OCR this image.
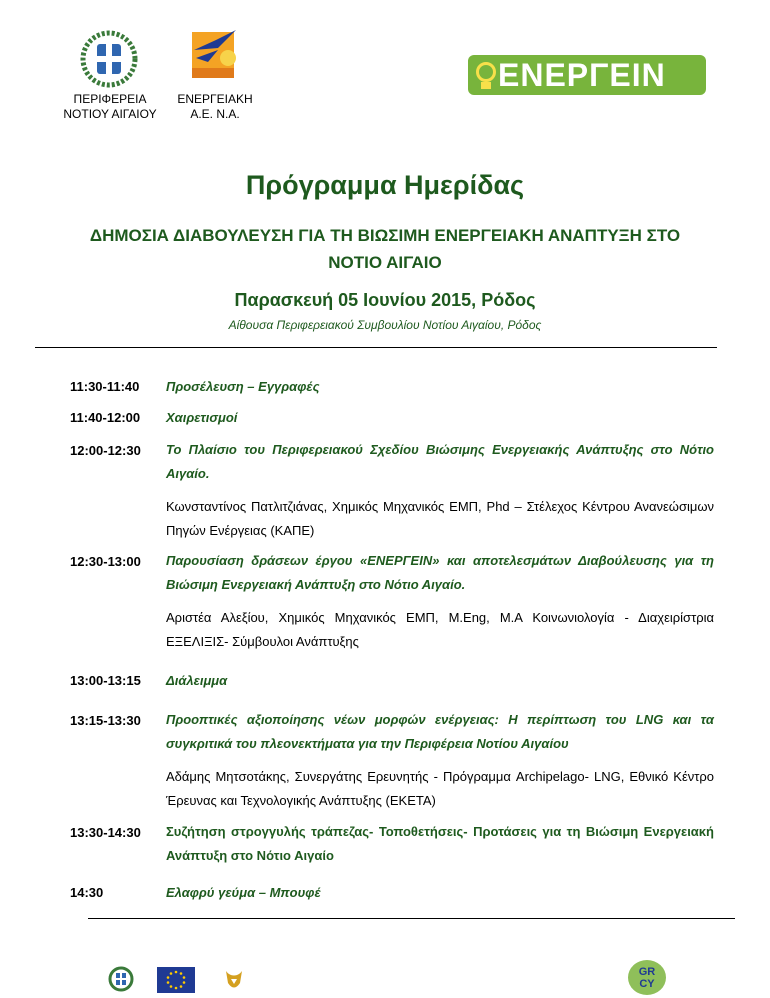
ΠΕΡΙΦΕΡΕΙΑ
ΝΟΤΙΟΥ ΑΙΓΑΙΟΥ
ΕΝΕΡΓΕΙΑΚΗ
Α.Ε. Ν.Α.
ΕΝΕΡΓΕΙΝ
Πρόγραμμα Ημερίδας
ΔΗΜΟΣΙΑ ΔΙΑΒΟΥΛΕΥΣΗ ΓΙΑ ΤΗ ΒΙΩΣΙΜΗ ΕΝΕΡΓΕΙΑΚΗ ΑΝΑΠΤΥΞΗ ΣΤΟ
ΝΟΤΙΟ ΑΙΓΑΙΟ
Παρασκευή 05 Ιουνίου 2015, Ρόδος
Αίθουσα Περιφερειακού Συμβουλίου Νοτίου Αιγαίου, Ρόδος
11:30-11:40	Προσέλευση – Εγγραφές
11:40-12:00	Χαιρετισμοί
12:00-12:30	Το Πλαίσιο του Περιφερειακού Σχεδίου Βιώσιμης Ενεργειακής Ανάπτυξης στο Νότιο Αιγαίο.
Κωνσταντίνος Πατλιτζιάνας, Χημικός Μηχανικός ΕΜΠ, Phd – Στέλεχος Κέντρου Ανανεώσιμων Πηγών Ενέργειας (ΚΑΠΕ)
12:30-13:00	Παρουσίαση δράσεων έργου «ΕΝΕΡΓΕΙΝ» και αποτελεσμάτων Διαβούλευσης για τη Βιώσιμη Ενεργειακή Ανάπτυξη στο Νότιο Αιγαίο.
Αριστέα Αλεξίου, Χημικός Μηχανικός ΕΜΠ, M.Eng, M.A Κοινωνιολογία - Διαχειρίστρια ΕΞΕΛΙΞΙΣ- Σύμβουλοι Ανάπτυξης
13:00-13:15	Διάλειμμα
13:15-13:30	Προοπτικές αξιοποίησης νέων μορφών ενέργειας: Η περίπτωση του LNG και τα συγκριτικά του πλεονεκτήματα για την Περιφέρεια Νοτίου Αιγαίου
Αδάμης Μητσοτάκης, Συνεργάτης Ερευνητής - Πρόγραμμα Archipelago- LNG, Εθνικό Κέντρο Έρευνας και Τεχνολογικής Ανάπτυξης (ΕΚΕΤΑ)
13:30-14:30	Συζήτηση στρογγυλής τράπεζας- Τοποθετήσεις- Προτάσεις για τη Βιώσιμη Ενεργειακή Ανάπτυξη στο Νότιο Αιγαίο
14:30	Ελαφρύ γεύμα – Μπουφέ
GR CY
